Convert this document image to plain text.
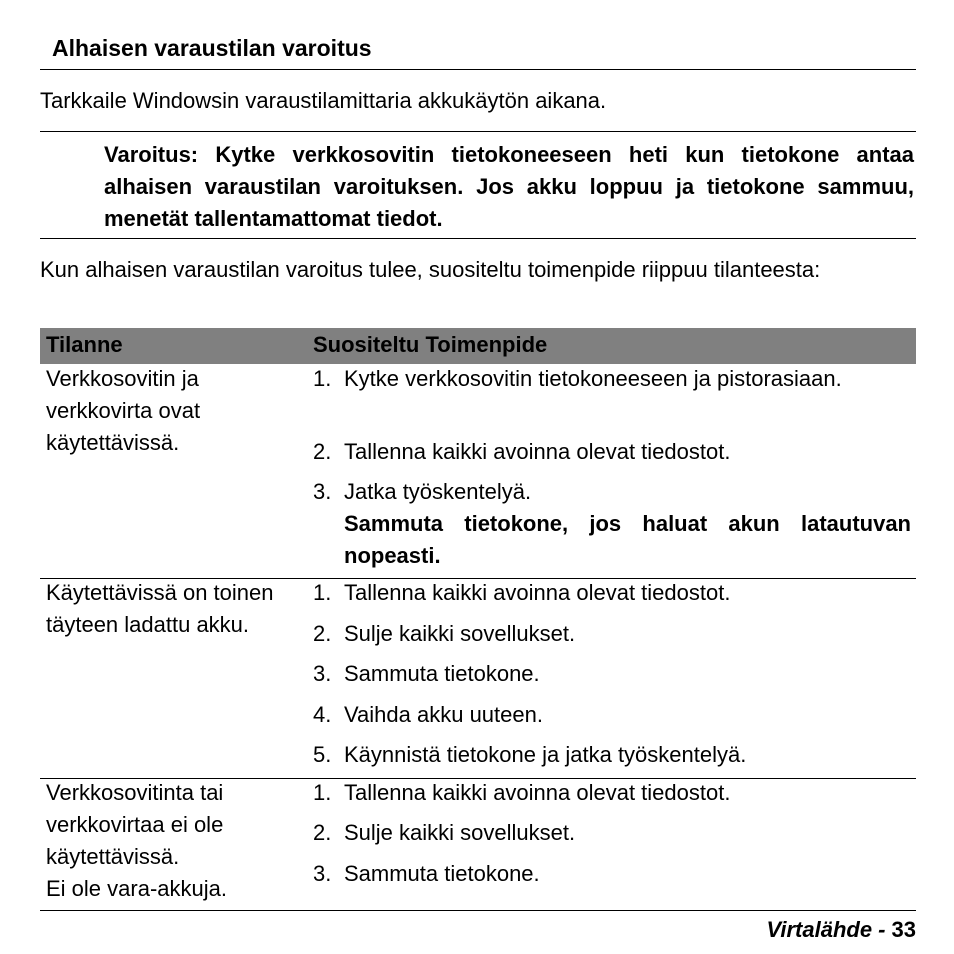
Alhaisen varaustilan varoitus
Tarkkaile Windowsin varaustilamittaria akkukäytön aikana.
Varoitus: Kytke verkkosovitin tietokoneeseen heti kun tietokone antaa alhaisen varaustilan varoituksen. Jos akku loppuu ja tietokone sammuu, menetät tallentamattomat tiedot.
Kun alhaisen varaustilan varoitus tulee, suositeltu toimenpide riippuu tilanteesta:
Tilanne	Suositeltu Toimenpide
Verkkosovitin ja verkkovirta ovat käytettävissä.
1. Kytke verkkosovitin tietokoneeseen ja pistorasiaan.
2. Tallenna kaikki avoinna olevat tiedostot.
3. Jatka työskentelyä.
Sammuta tietokone, jos haluat akun latautuvan nopeasti.
Käytettävissä on toinen täyteen ladattu akku.
1. Tallenna kaikki avoinna olevat tiedostot.
2. Sulje kaikki sovellukset.
3. Sammuta tietokone.
4. Vaihda akku uuteen.
5. Käynnistä tietokone ja jatka työskentelyä.
Verkkosovitinta tai verkkovirtaa ei ole käytettävissä.
Ei ole vara-akkuja.
1. Tallenna kaikki avoinna olevat tiedostot.
2. Sulje kaikki sovellukset.
3. Sammuta tietokone.
Virtalähde - 33
